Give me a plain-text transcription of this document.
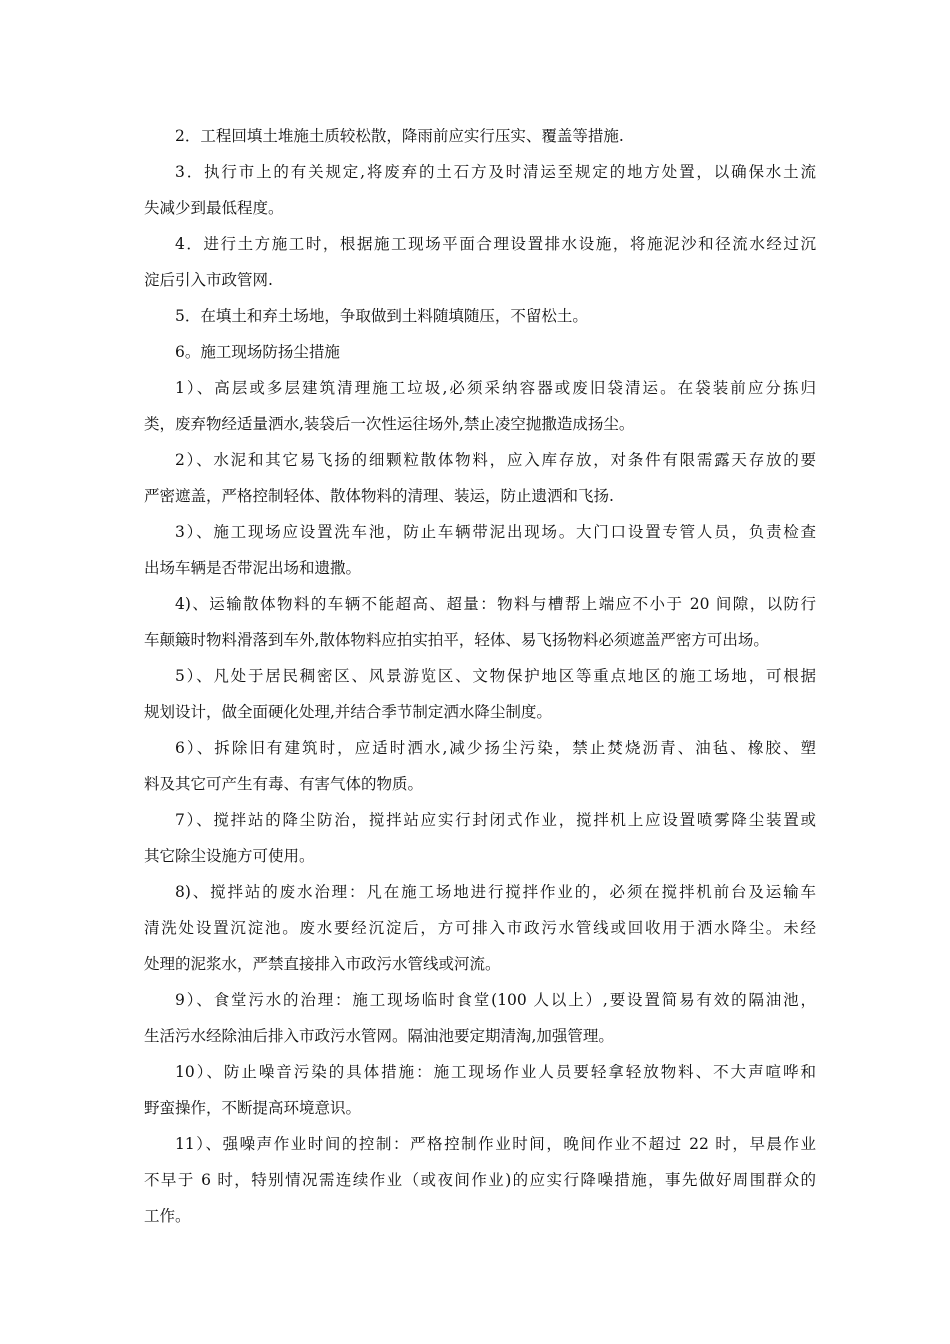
2．工程回填土堆施土质较松散，降雨前应实行压实、覆盖等措施.
3．执行市上的有关规定,将废弃的土石方及时清运至规定的地方处置，以确保水土流
失减少到最低程度。
4．进行土方施工时，根据施工现场平面合理设置排水设施，将施泥沙和径流水经过沉
淀后引入市政管网.
5．在填土和弃土场地，争取做到土料随填随压，不留松土。
6。施工现场防扬尘措施
1）、高层或多层建筑清理施工垃圾,必须采纳容器或废旧袋清运。在袋装前应分拣归
类，废弃物经适量洒水,装袋后一次性运往场外,禁止凌空抛撒造成扬尘。
2）、水泥和其它易飞扬的细颗粒散体物料，应入库存放，对条件有限需露天存放的要
严密遮盖，严格控制轻体、散体物料的清理、装运，防止遗洒和飞扬.
3）、施工现场应设置洗车池，防止车辆带泥出现场。大门口设置专管人员，负责检查
出场车辆是否带泥出场和遗撒。
4)、运输散体物料的车辆不能超高、超量：物料与槽帮上端应不小于 20 间隙，以防行
车颠簸时物料滑落到车外,散体物料应拍实拍平，轻体、易飞扬物料必须遮盖严密方可出场。
5）、凡处于居民稠密区、风景游览区、文物保护地区等重点地区的施工场地，可根据
规划设计，做全面硬化处理,并结合季节制定洒水降尘制度。
6）、拆除旧有建筑时，应适时洒水,减少扬尘污染，禁止焚烧沥青、油毡、橡胶、塑
料及其它可产生有毒、有害气体的物质。
7）、搅拌站的降尘防治，搅拌站应实行封闭式作业，搅拌机上应设置喷雾降尘装置或
其它除尘设施方可使用。
8)、搅拌站的废水治理：凡在施工场地进行搅拌作业的，必须在搅拌机前台及运输车
清洗处设置沉淀池。废水要经沉淀后，方可排入市政污水管线或回收用于洒水降尘。未经
处理的泥浆水，严禁直接排入市政污水管线或河流。
9）、食堂污水的治理：施工现场临时食堂(100 人以上）,要设置简易有效的隔油池，
生活污水经除油后排入市政污水管网。隔油池要定期清淘,加强管理。
10）、防止噪音污染的具体措施：施工现场作业人员要轻拿轻放物料、不大声喧哗和
野蛮操作，不断提高环境意识。
11）、强噪声作业时间的控制：严格控制作业时间，晚间作业不超过 22 时，早晨作业
不早于 6 时，特别情况需连续作业（或夜间作业)的应实行降噪措施，事先做好周围群众的
工作。
